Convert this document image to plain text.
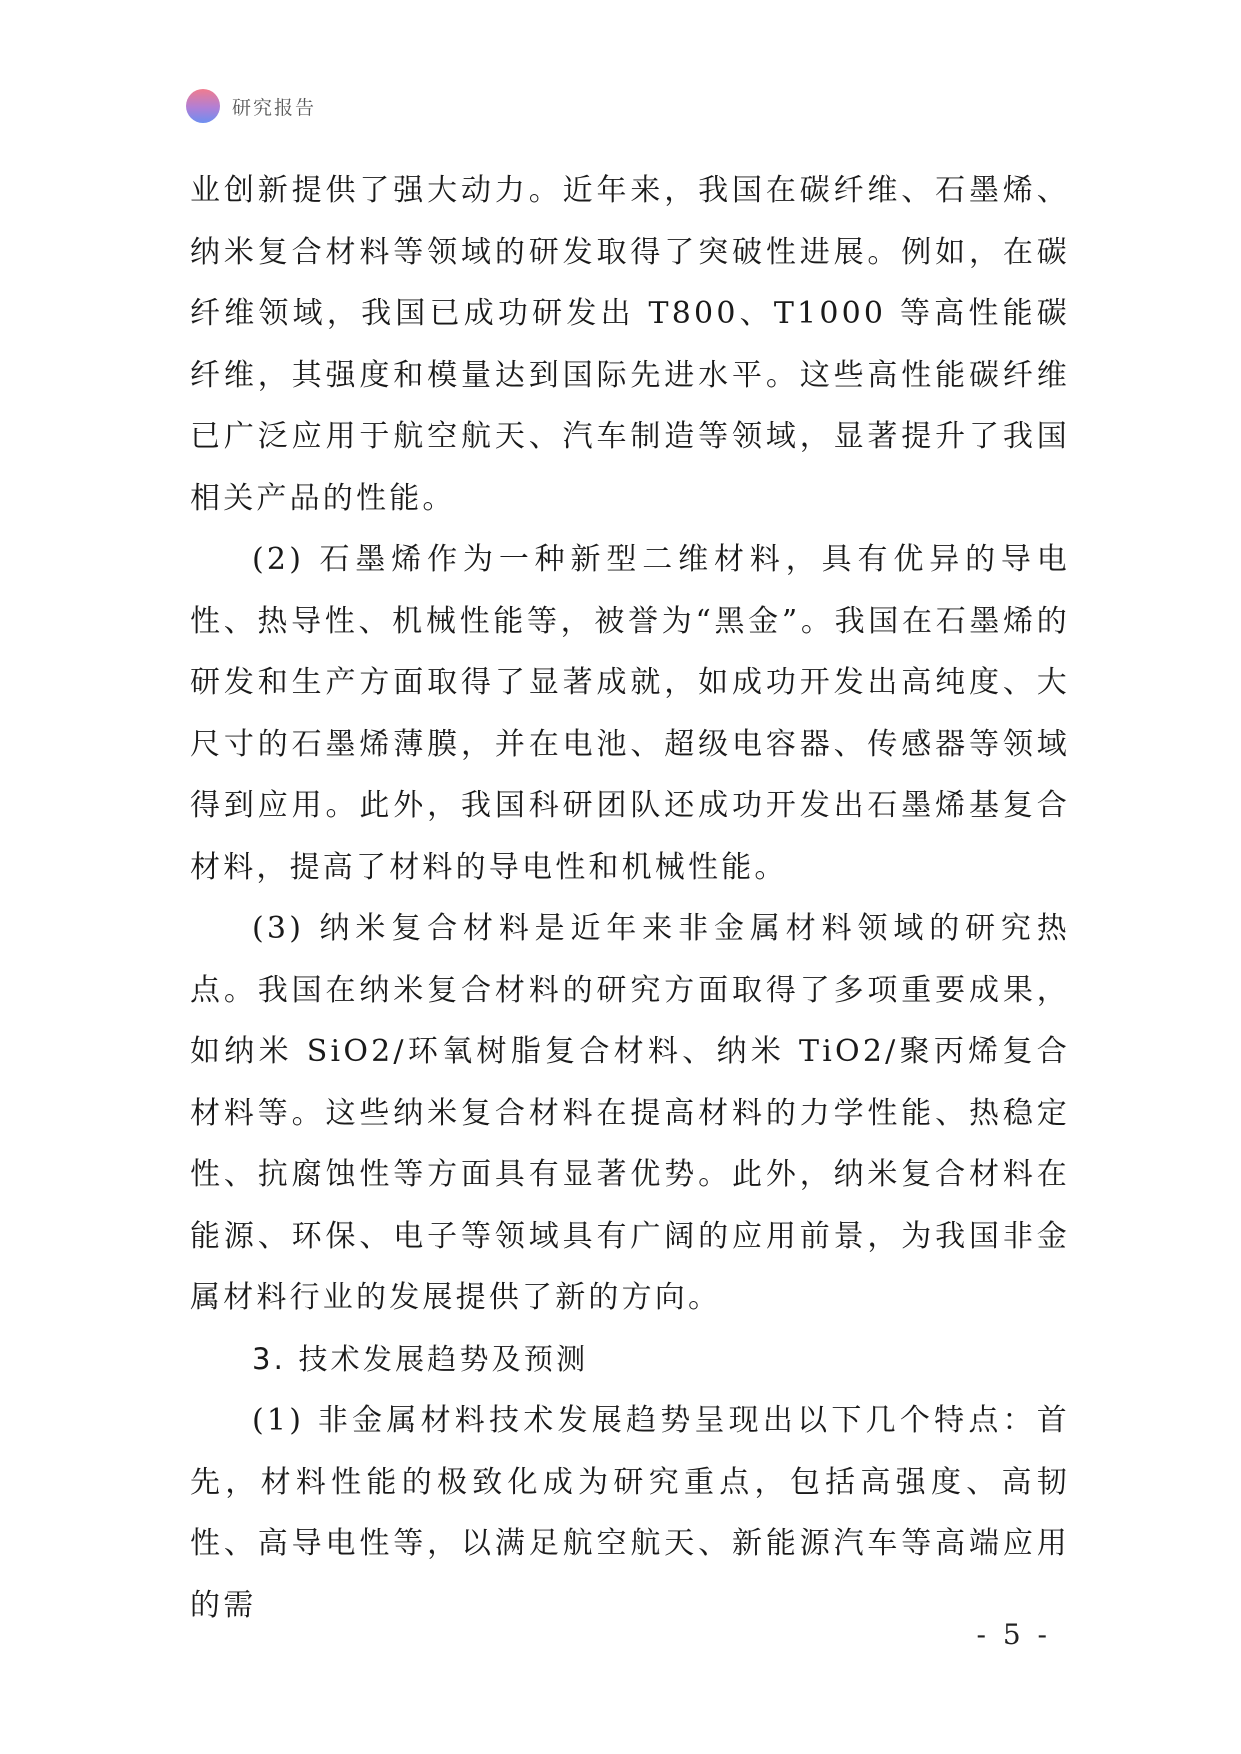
研究报告

业创新提供了强大动力。近年来，我国在碳纤维、石墨烯、纳米复合材料等领域的研发取得了突破性进展。例如，在碳纤维领域，我国已成功研发出 T800、T1000 等高性能碳纤维，其强度和模量达到国际先进水平。这些高性能碳纤维已广泛应用于航空航天、汽车制造等领域，显著提升了我国相关产品的性能。

(2) 石墨烯作为一种新型二维材料，具有优异的导电性、热导性、机械性能等，被誉为“黑金”。我国在石墨烯的研发和生产方面取得了显著成就，如成功开发出高纯度、大尺寸的石墨烯薄膜，并在电池、超级电容器、传感器等领域得到应用。此外，我国科研团队还成功开发出石墨烯基复合材料，提高了材料的导电性和机械性能。

(3) 纳米复合材料是近年来非金属材料领域的研究热点。我国在纳米复合材料的研究方面取得了多项重要成果，如纳米 SiO2/环氧树脂复合材料、纳米 TiO2/聚丙烯复合材料等。这些纳米复合材料在提高材料的力学性能、热稳定性、抗腐蚀性等方面具有显著优势。此外，纳米复合材料在能源、环保、电子等领域具有广阔的应用前景，为我国非金属材料行业的发展提供了新的方向。

3. 技术发展趋势及预测

(1) 非金属材料技术发展趋势呈现出以下几个特点：首先，材料性能的极致化成为研究重点，包括高强度、高韧性、高导电性等，以满足航空航天、新能源汽车等高端应用的需

- 5 -
